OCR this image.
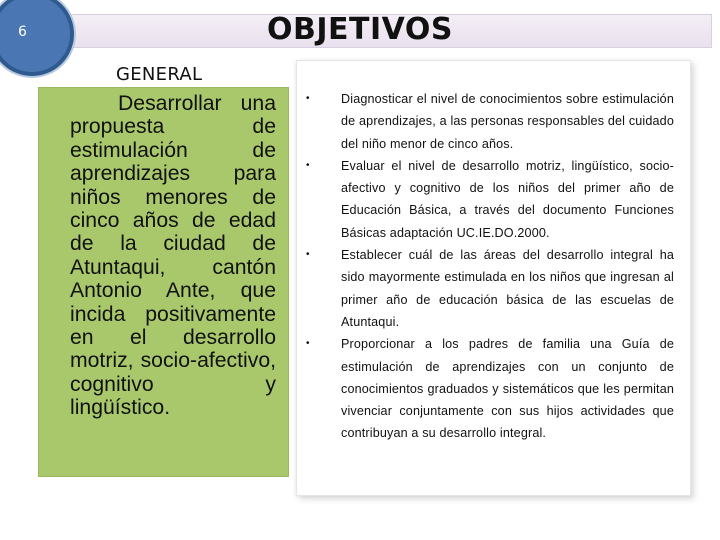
OBJETIVOS
6
GENERAL
Desarrollar una propuesta de estimulación de aprendizajes para niños menores de cinco años de edad de la ciudad de Atuntaqui, cantón Antonio Ante, que incida positivamente en el desarrollo motriz, socio-afectivo, cognitivo y lingüístico.
• Diagnosticar el nivel de conocimientos sobre estimulación de aprendizajes, a las personas responsables del cuidado del niño menor de cinco años.
• Evaluar el nivel de desarrollo motriz, lingüístico, socio-afectivo y cognitivo de los niños del primer año de Educación Básica, a través del documento Funciones Básicas adaptación UC.IE.DO.2000.
• Establecer cuál de las áreas del desarrollo integral ha sido mayormente estimulada en los niños que ingresan al primer año de educación básica de las escuelas de Atuntaqui.
• Proporcionar a los padres de familia una Guía de estimulación de aprendizajes con un conjunto de conocimientos graduados y sistemáticos que les permitan vivenciar conjuntamente con sus hijos actividades que contribuyan a su desarrollo integral.
